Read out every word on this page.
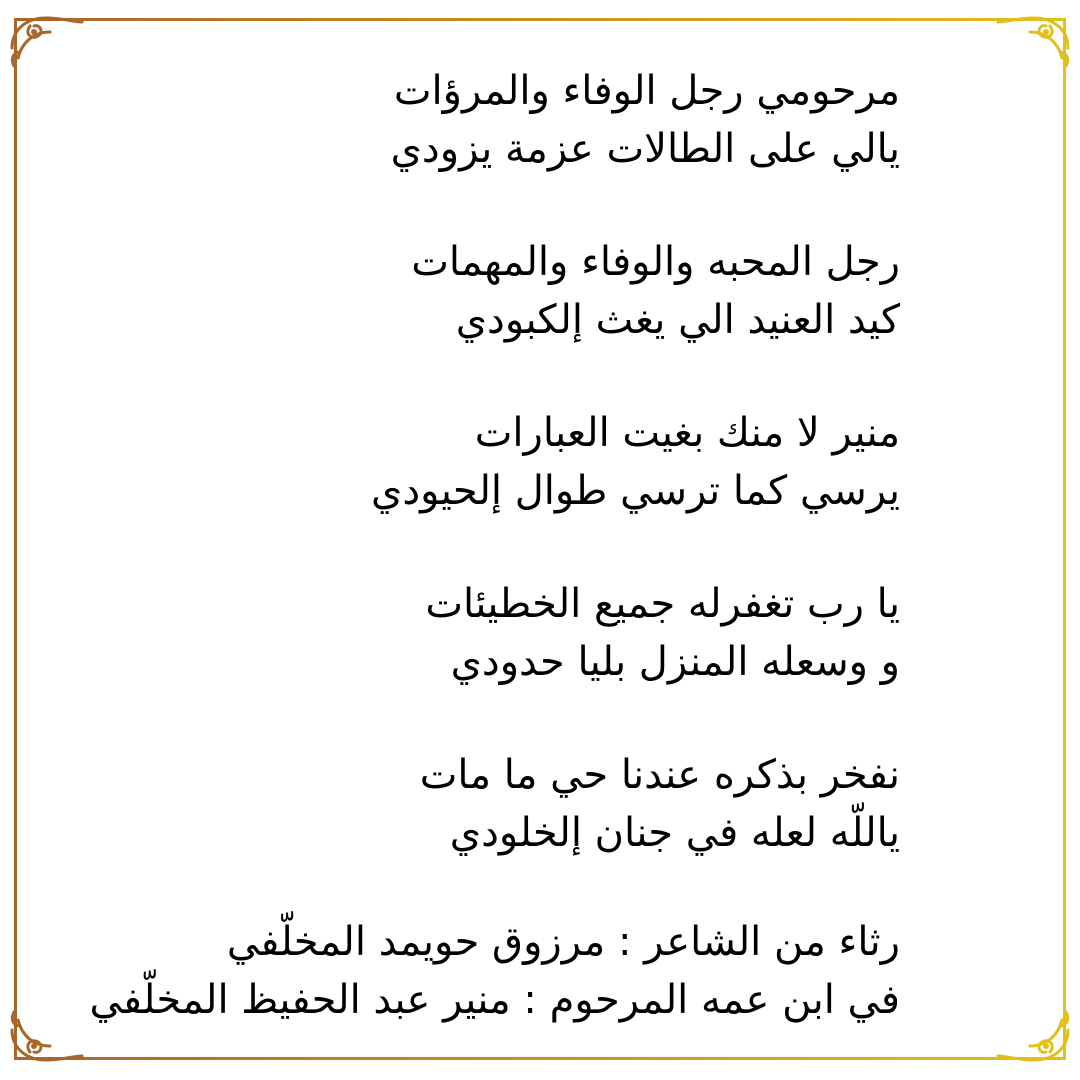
مرحومي رجل الوفاء والمرؤات
يالي على الطالات عزمة يزودي
رجل المحبه والوفاء والمهمات
كيد العنيد الي يغث إلكبودي
منير لا منك بغيت العبارات
يرسي كما ترسي طوال إلحيودي
يا رب تغفرله جميع الخطيئات
و وسعله المنزل بليا حدودي
نفخر بذكره عندنا حي ما مات
ياللّه لعله في جنان إلخلودي
رثاء من الشاعر : مرزوق حويمد المخلّفي
في ابن عمه المرحوم : منير عبد الحفيظ المخلّفي
